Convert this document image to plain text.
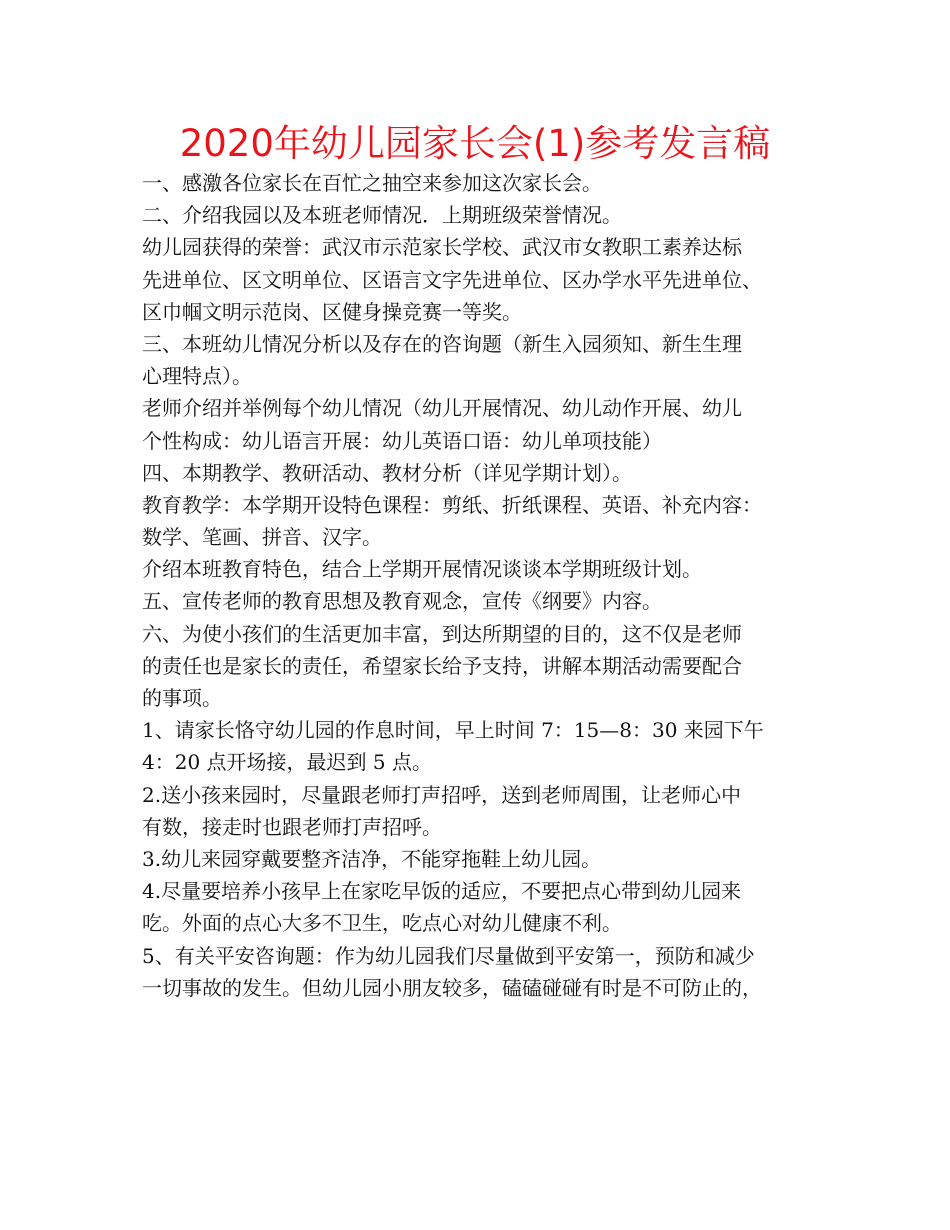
2020年幼儿园家长会(1)参考发言稿
一、感激各位家长在百忙之抽空来参加这次家长会。
二、介绍我园以及本班老师情况．上期班级荣誉情况。
幼儿园获得的荣誉：武汉市示范家长学校、武汉市女教职工素养达标
先进单位、区文明单位、区语言文字先进单位、区办学水平先进单位、
区巾帼文明示范岗、区健身操竞赛一等奖。
三、本班幼儿情况分析以及存在的咨询题（新生入园须知、新生生理
心理特点）。
老师介绍并举例每个幼儿情况（幼儿开展情况、幼儿动作开展、幼儿
个性构成：幼儿语言开展：幼儿英语口语：幼儿单项技能）
四、本期教学、教研活动、教材分析（详见学期计划）。
教育教学：本学期开设特色课程：剪纸、折纸课程、英语、补充内容：
数学、笔画、拼音、汉字。
介绍本班教育特色，结合上学期开展情况谈谈本学期班级计划。
五、宣传老师的教育思想及教育观念，宣传《纲要》内容。
六、为使小孩们的生活更加丰富，到达所期望的目的，这不仅是老师
的责任也是家长的责任，希望家长给予支持，讲解本期活动需要配合
的事项。
1、请家长恪守幼儿园的作息时间，早上时间 7：15—8：30 来园下午
4：20 点开场接，最迟到 5 点。
2.送小孩来园时，尽量跟老师打声招呼，送到老师周围，让老师心中
有数，接走时也跟老师打声招呼。
3.幼儿来园穿戴要整齐洁净，不能穿拖鞋上幼儿园。
4.尽量要培养小孩早上在家吃早饭的适应，不要把点心带到幼儿园来
吃。外面的点心大多不卫生，吃点心对幼儿健康不利。
5、有关平安咨询题：作为幼儿园我们尽量做到平安第一，预防和减少
一切事故的发生。但幼儿园小朋友较多，磕磕碰碰有时是不可防止的，
